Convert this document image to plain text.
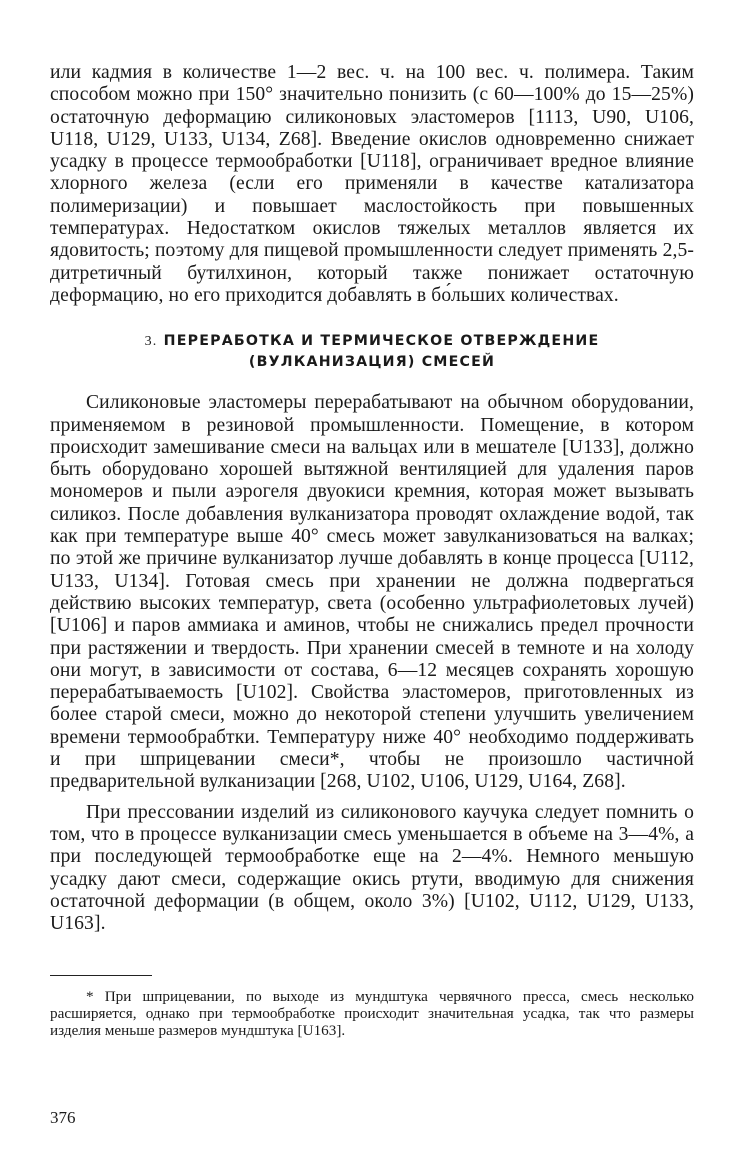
или кадмия в количестве 1—2 вес. ч. на 100 вес. ч. полимера. Таким способом можно при 150° значительно понизить (с 60—100% до 15—25%) остаточную деформацию силиконовых эластомеров [1113, U90, U106, U118, U129, U133, U134, Z68]. Введение окислов одновременно снижает усадку в процессе термообработки [U118], ограничивает вредное влияние хлорного железа (если его применяли в качестве катализатора полимеризации) и повышает маслостойкость при повышенных температурах. Недостатком окислов тяжелых металлов является их ядовитость; поэтому для пищевой промышленности следует применять 2,5-дитретичный бутилхинон, который также понижает остаточную деформацию, но его приходится добавлять в бо́льших количествах.

3. ПЕРЕРАБОТКА И ТЕРМИЧЕСКОЕ ОТВЕРЖДЕНИЕ
(ВУЛКАНИЗАЦИЯ) СМЕСЕЙ

Силиконовые эластомеры перерабатывают на обычном оборудовании, применяемом в резиновой промышленности. Помещение, в котором происходит замешивание смеси на вальцах или в мешателе [U133], должно быть оборудовано хорошей вытяжной вентиляцией для удаления паров мономеров и пыли аэрогеля двуокиси кремния, которая может вызывать силикоз. После добавления вулканизатора проводят охлаждение водой, так как при температуре выше 40° смесь может завулканизоваться на валках; по этой же причине вулканизатор лучше добавлять в конце процесса [U112, U133, U134]. Готовая смесь при хранении не должна подвергаться действию высоких температур, света (особенно ультрафиолетовых лучей) [U106] и паров аммиака и аминов, чтобы не снижались предел прочности при растяжении и твердость. При хранении смесей в темноте и на холоду они могут, в зависимости от состава, 6—12 месяцев сохранять хорошую перерабатываемость [U102]. Свойства эластомеров, приготовленных из более старой смеси, можно до некоторой степени улучшить увеличением времени термообрабтки. Температуру ниже 40° необходимо поддерживать и при шприцевании смеси*, чтобы не произошло частичной предварительной вулканизации [268, U102, U106, U129, U164, Z68].

При прессовании изделий из силиконового каучука следует помнить о том, что в процессе вулканизации смесь уменьшается в объеме на 3—4%, а при последующей термообработке еще на 2—4%. Немного меньшую усадку дают смеси, содержащие окись ртути, вводимую для снижения остаточной деформации (в общем, около 3%) [U102, U112, U129, U133, U163].

* При шприцевании, по выходе из мундштука червячного пресса, смесь несколько расширяется, однако при термообработке происходит значительная усадка, так что размеры изделия меньше размеров мундштука [U163].

376
